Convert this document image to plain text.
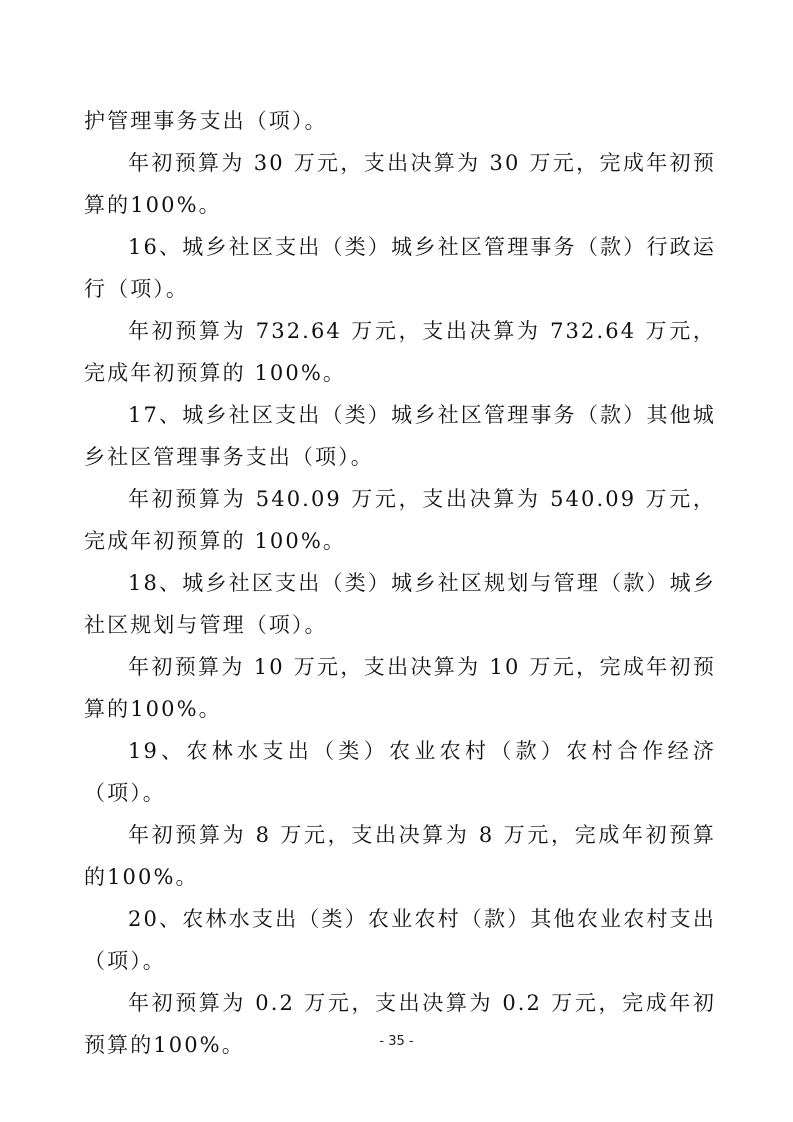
护管理事务支出（项）。

年初预算为 30 万元，支出决算为 30 万元，完成年初预算的100%。

16、城乡社区支出（类）城乡社区管理事务（款）行政运行（项）。

年初预算为 732.64 万元，支出决算为 732.64 万元，完成年初预算的 100%。

17、城乡社区支出（类）城乡社区管理事务（款）其他城乡社区管理事务支出（项）。

年初预算为 540.09 万元，支出决算为 540.09 万元，完成年初预算的 100%。

18、城乡社区支出（类）城乡社区规划与管理（款）城乡社区规划与管理（项）。

年初预算为 10 万元，支出决算为 10 万元，完成年初预算的100%。

19、农林水支出（类）农业农村（款）农村合作经济（项）。

年初预算为 8 万元，支出决算为 8 万元，完成年初预算的100%。

20、农林水支出（类）农业农村（款）其他农业农村支出（项）。

年初预算为 0.2 万元，支出决算为 0.2 万元，完成年初预算的100%。	- 35 -
